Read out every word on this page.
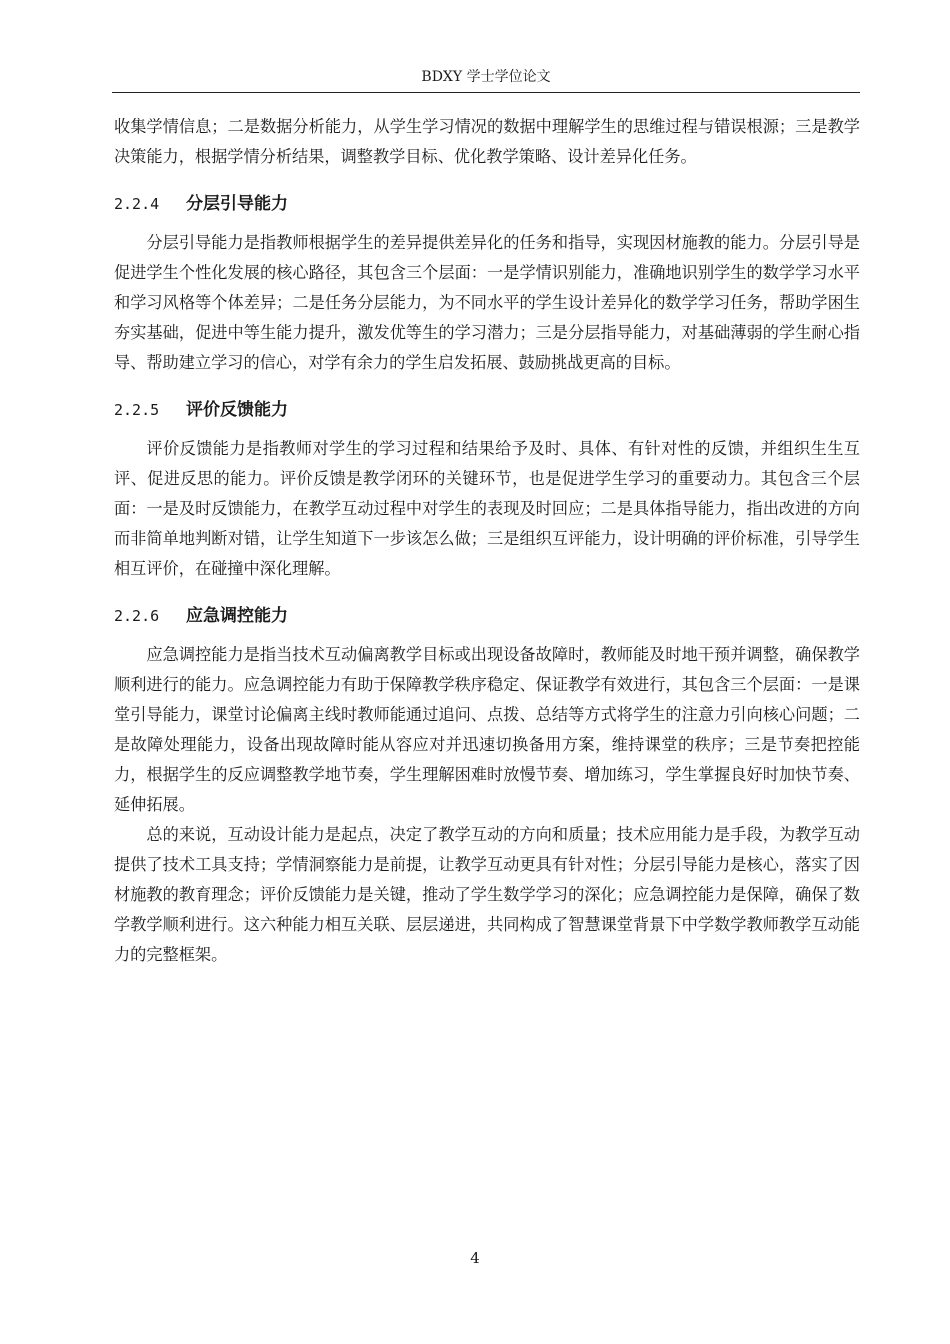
BDXY 学士学位论文

收集学情信息；二是数据分析能力，从学生学习情况的数据中理解学生的思维过程与错误根源；三是教学决策能力，根据学情分析结果，调整教学目标、优化教学策略、设计差异化任务。

2.2.4 分层引导能力

分层引导能力是指教师根据学生的差异提供差异化的任务和指导，实现因材施教的能力。分层引导是促进学生个性化发展的核心路径，其包含三个层面：一是学情识别能力，准确地识别学生的数学学习水平和学习风格等个体差异；二是任务分层能力，为不同水平的学生设计差异化的数学学习任务，帮助学困生夯实基础，促进中等生能力提升，激发优等生的学习潜力；三是分层指导能力，对基础薄弱的学生耐心指导、帮助建立学习的信心，对学有余力的学生启发拓展、鼓励挑战更高的目标。

2.2.5 评价反馈能力

评价反馈能力是指教师对学生的学习过程和结果给予及时、具体、有针对性的反馈，并组织生生互评、促进反思的能力。评价反馈是教学闭环的关键环节，也是促进学生学习的重要动力。其包含三个层面：一是及时反馈能力，在教学互动过程中对学生的表现及时回应；二是具体指导能力，指出改进的方向而非简单地判断对错，让学生知道下一步该怎么做；三是组织互评能力，设计明确的评价标准，引导学生相互评价，在碰撞中深化理解。

2.2.6 应急调控能力

应急调控能力是指当技术互动偏离教学目标或出现设备故障时，教师能及时地干预并调整，确保教学顺利进行的能力。应急调控能力有助于保障教学秩序稳定、保证教学有效进行，其包含三个层面：一是课堂引导能力，课堂讨论偏离主线时教师能通过追问、点拨、总结等方式将学生的注意力引向核心问题；二是故障处理能力，设备出现故障时能从容应对并迅速切换备用方案，维持课堂的秩序；三是节奏把控能力，根据学生的反应调整教学地节奏，学生理解困难时放慢节奏、增加练习，学生掌握良好时加快节奏、延伸拓展。

总的来说，互动设计能力是起点，决定了教学互动的方向和质量；技术应用能力是手段，为教学互动提供了技术工具支持；学情洞察能力是前提，让教学互动更具有针对性；分层引导能力是核心，落实了因材施教的教育理念；评价反馈能力是关键，推动了学生数学学习的深化；应急调控能力是保障，确保了数学教学顺利进行。这六种能力相互关联、层层递进，共同构成了智慧课堂背景下中学数学教师教学互动能力的完整框架。

4
